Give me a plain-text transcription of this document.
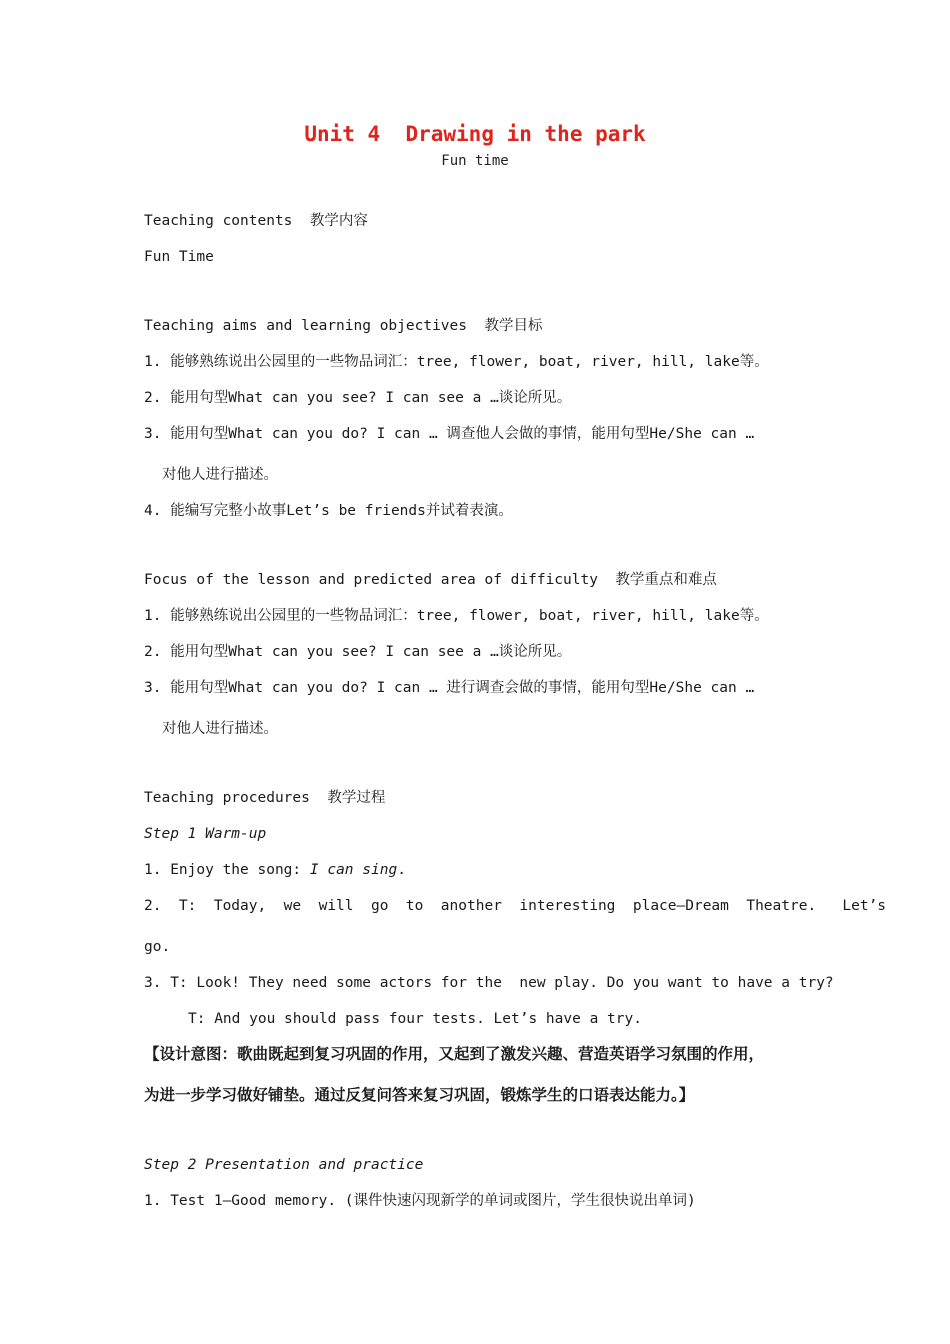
Unit 4  Drawing in the park
Fun time
Teaching contents  教学内容
Fun Time
Teaching aims and learning objectives  教学目标
1. 能够熟练说出公园里的一些物品词汇：tree, flower, boat, river, hill, lake等。
2. 能用句型What can you see? I can see a …谈论所见。
3. 能用句型What can you do? I can … 调查他人会做的事情，能用句型He/She can …
对他人进行描述。
4. 能编写完整小故事Let’s be friends并试着表演。
Focus of the lesson and predicted area of difficulty  教学重点和难点
1. 能够熟练说出公园里的一些物品词汇：tree, flower, boat, river, hill, lake等。
2. 能用句型What can you see? I can see a …谈论所见。
3. 能用句型What can you do? I can … 进行调查会做的事情，能用句型He/She can …
对他人进行描述。
Teaching procedures  教学过程
Step 1 Warm-up
1. Enjoy the song: I can sing.
2.  T:  Today,  we  will  go  to  another  interesting  place—Dream  Theatre.   Let’s
go.
3. T: Look! They need some actors for the  new play. Do you want to have a try?
T: And you should pass four tests. Let’s have a try.
【设计意图：歌曲既起到复习巩固的作用，又起到了激发兴趣、营造英语学习氛围的作用，
为进一步学习做好铺垫。通过反复问答来复习巩固，锻炼学生的口语表达能力。】
Step 2 Presentation and practice
1. Test 1—Good memory. (课件快速闪现新学的单词或图片，学生很快说出单词)
